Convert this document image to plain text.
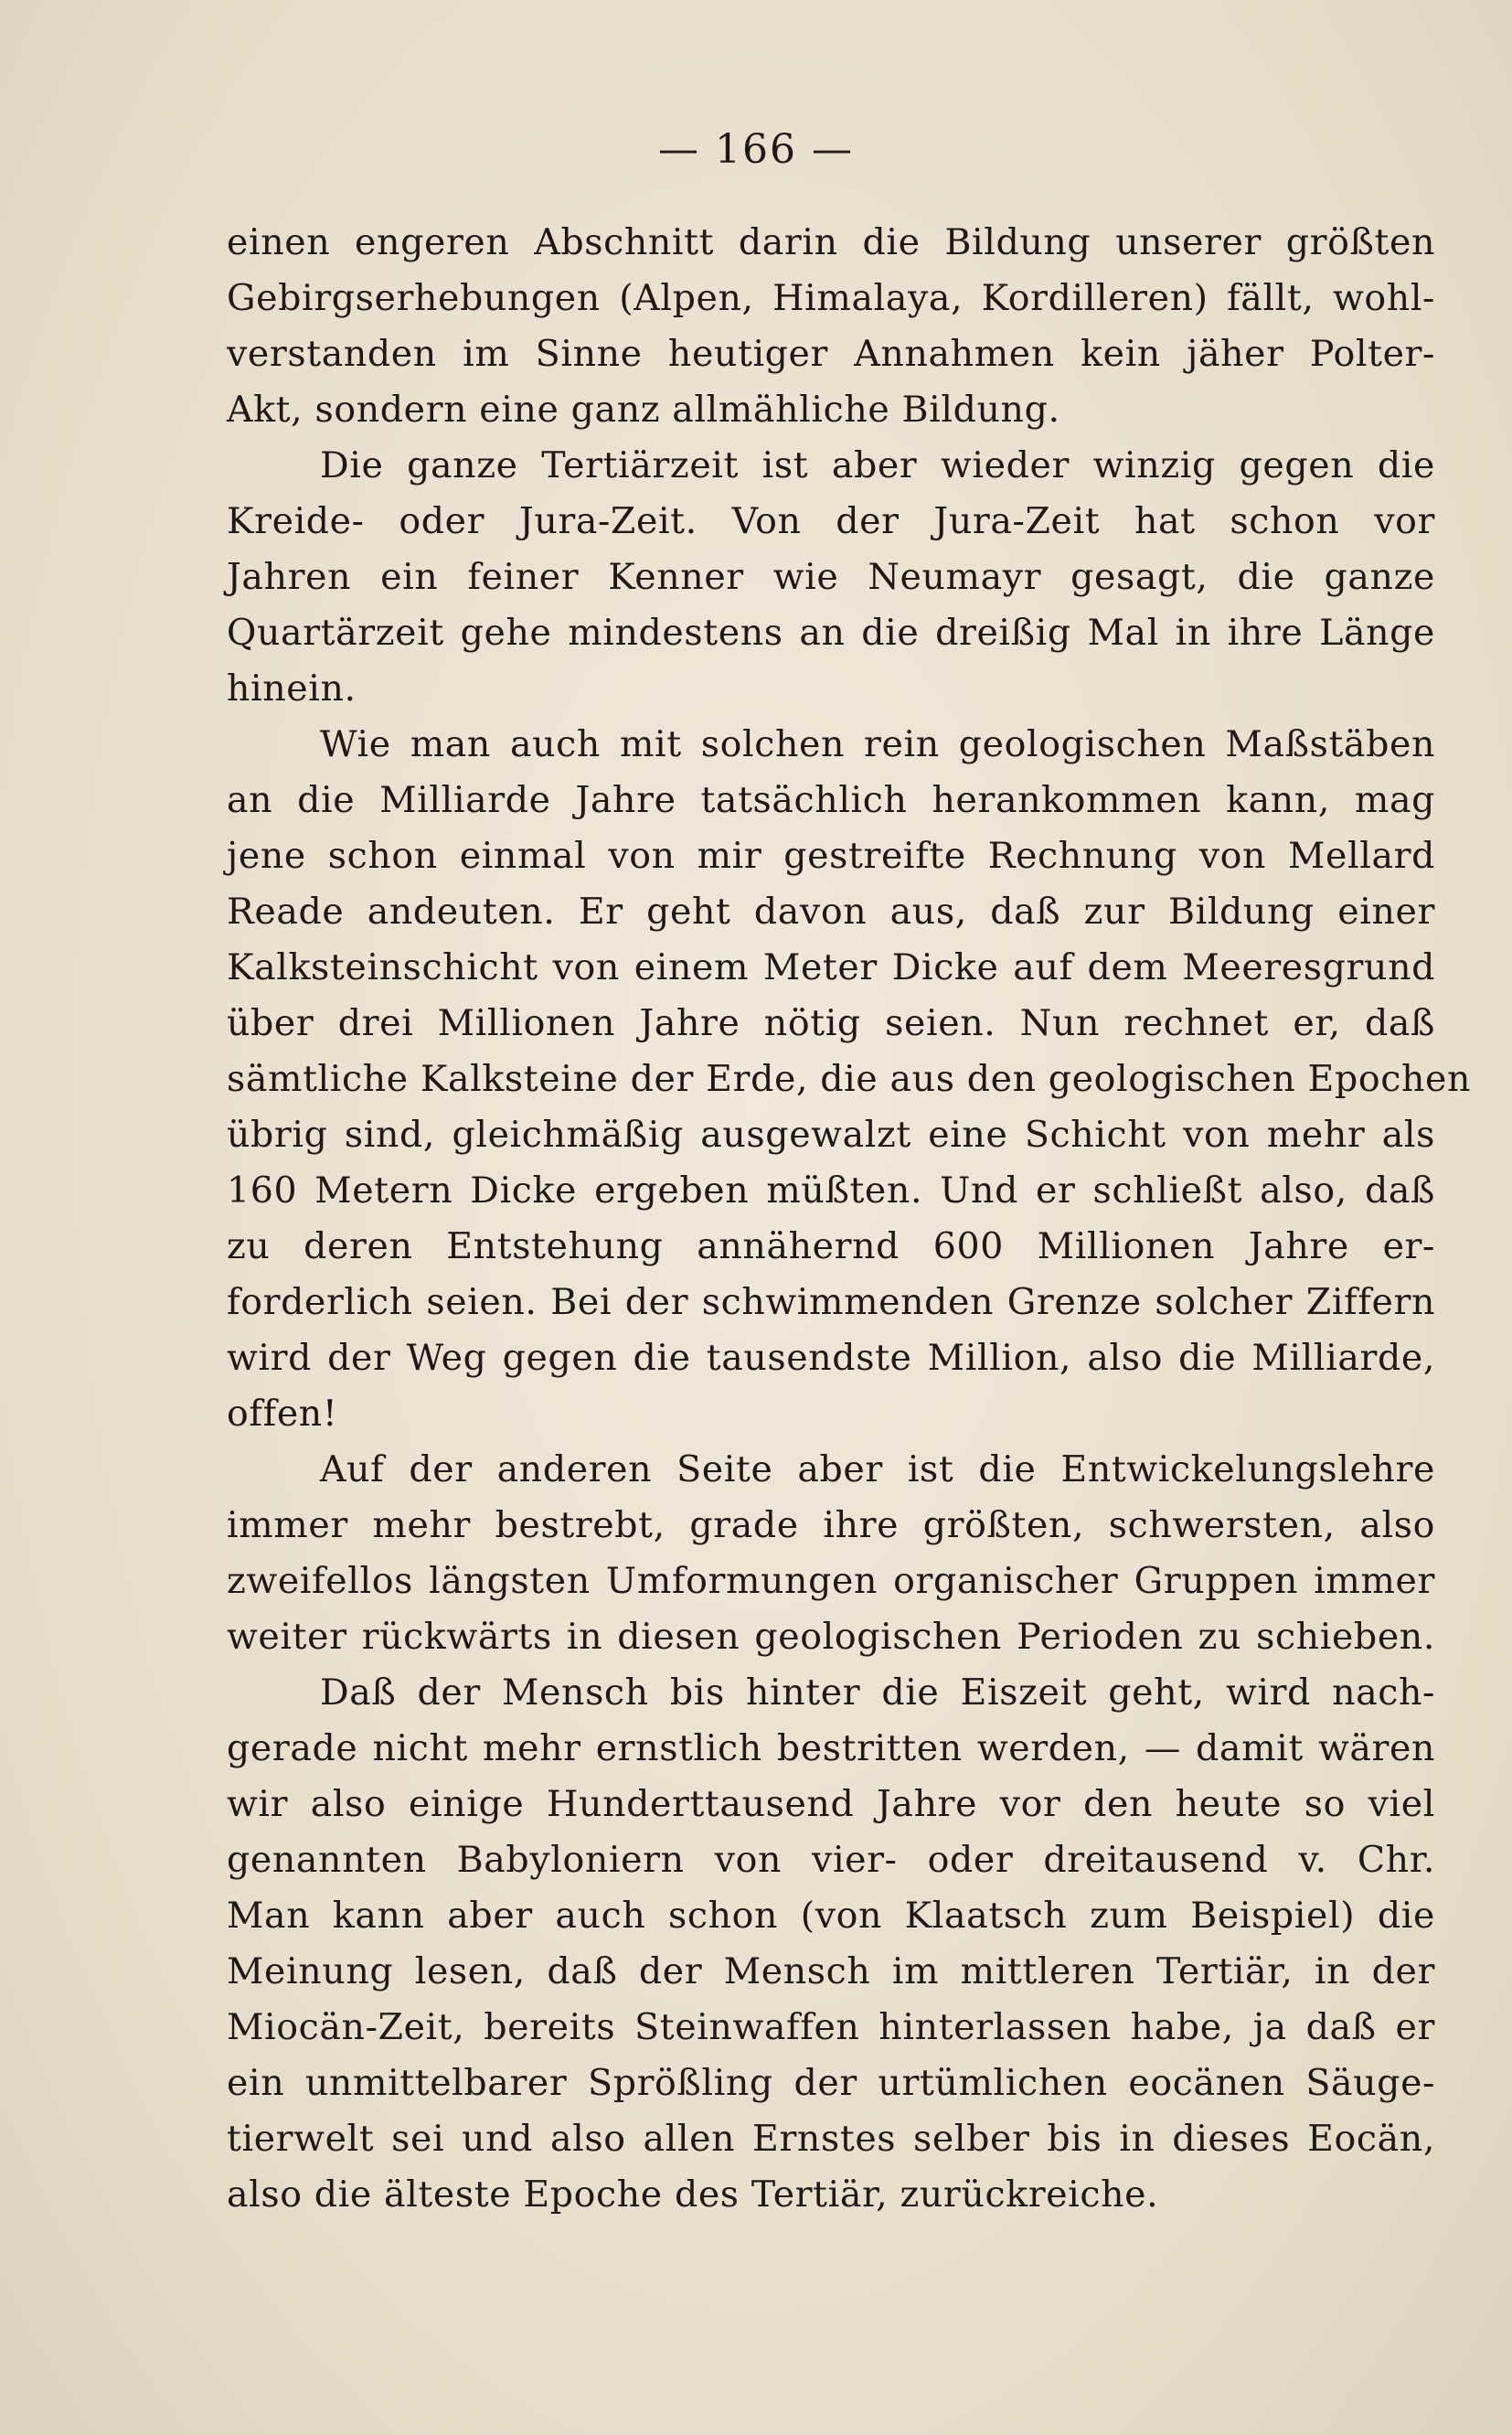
— 166 —
einen engeren Abschnitt darin die Bildung unserer größten
Gebirgserhebungen (Alpen, Himalaya, Kordilleren) fällt, wohl-
verstanden im Sinne heutiger Annahmen kein jäher Polter-
Akt, sondern eine ganz allmähliche Bildung.
Die ganze Tertiärzeit ist aber wieder winzig gegen die
Kreide- oder Jura-Zeit. Von der Jura-Zeit hat schon vor
Jahren ein feiner Kenner wie Neumayr gesagt, die ganze
Quartärzeit gehe mindestens an die dreißig Mal in ihre Länge
hinein.
Wie man auch mit solchen rein geologischen Maßstäben
an die Milliarde Jahre tatsächlich herankommen kann, mag
jene schon einmal von mir gestreifte Rechnung von Mellard
Reade andeuten. Er geht davon aus, daß zur Bildung einer
Kalksteinschicht von einem Meter Dicke auf dem Meeresgrund
über drei Millionen Jahre nötig seien. Nun rechnet er, daß
sämtliche Kalksteine der Erde, die aus den geologischen Epochen
übrig sind, gleichmäßig ausgewalzt eine Schicht von mehr als
160 Metern Dicke ergeben müßten. Und er schließt also, daß
zu deren Entstehung annähernd 600 Millionen Jahre er-
forderlich seien. Bei der schwimmenden Grenze solcher Ziffern
wird der Weg gegen die tausendste Million, also die Milliarde,
offen!
Auf der anderen Seite aber ist die Entwickelungslehre
immer mehr bestrebt, grade ihre größten, schwersten, also
zweifellos längsten Umformungen organischer Gruppen immer
weiter rückwärts in diesen geologischen Perioden zu schieben.
Daß der Mensch bis hinter die Eiszeit geht, wird nach-
gerade nicht mehr ernstlich bestritten werden, — damit wären
wir also einige Hunderttausend Jahre vor den heute so viel
genannten Babyloniern von vier- oder dreitausend v. Chr.
Man kann aber auch schon (von Klaatsch zum Beispiel) die
Meinung lesen, daß der Mensch im mittleren Tertiär, in der
Miocän-Zeit, bereits Steinwaffen hinterlassen habe, ja daß er
ein unmittelbarer Sprößling der urtümlichen eocänen Säuge-
tierwelt sei und also allen Ernstes selber bis in dieses Eocän,
also die älteste Epoche des Tertiär, zurückreiche.
